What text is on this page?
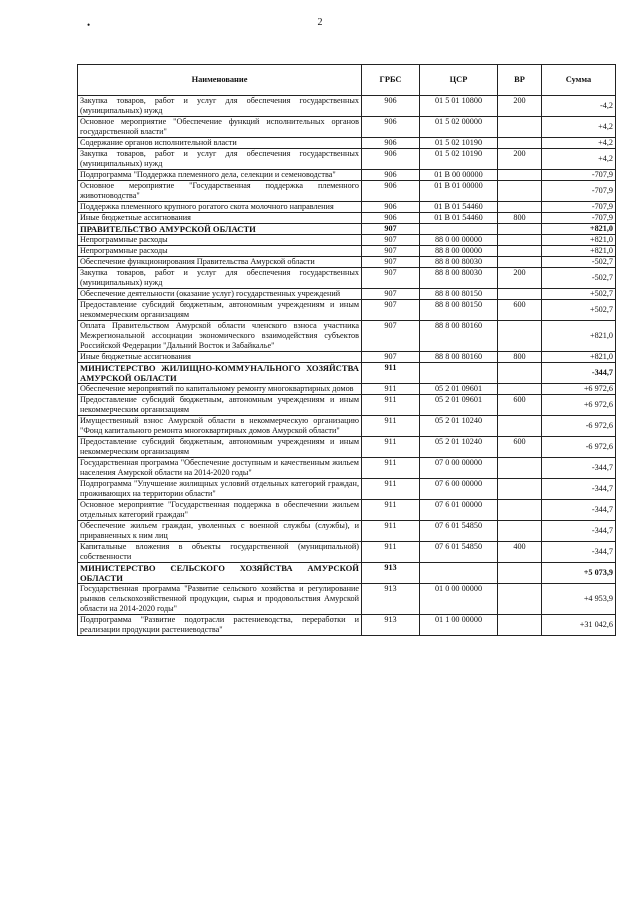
2
•
Наименование	ГРБС	ЦСР	ВР	Сумма
Закупка товаров, работ и услуг для обеспечения государственных (муниципальных) нужд	906	01 5 01 10800	200	-4,2
Основное мероприятие "Обеспечение функций исполнительных органов государственной власти"	906	01 5 02 00000		+4,2
Содержание органов исполнительной власти	906	01 5 02 10190		+4,2
Закупка товаров, работ и услуг для обеспечения государственных (муниципальных) нужд	906	01 5 02 10190	200	+4,2
Подпрограмма "Поддержка племенного дела, селекции и семеноводства"	906	01 В 00 00000		-707,9
Основное мероприятие "Государственная поддержка племенного животноводства"	906	01 В 01 00000		-707,9
Поддержка племенного крупного рогатого скота молочного направления	906	01 В 01 54460		-707,9
Иные бюджетные ассигнования	906	01 В 01 54460	800	-707,9
ПРАВИТЕЛЬСТВО АМУРСКОЙ ОБЛАСТИ	907			+821,0
Непрограммные расходы	907	88 0 00 00000		+821,0
Непрограммные расходы	907	88 8 00 00000		+821,0
Обеспечение функционирования Правительства Амурской области	907	88 8 00 80030		-502,7
Закупка товаров, работ и услуг для обеспечения государственных (муниципальных) нужд	907	88 8 00 80030	200	-502,7
Обеспечение деятельности (оказание услуг) государственных учреждений	907	88 8 00 80150		+502,7
Предоставление субсидий бюджетным, автономным учреждениям и иным некоммерческим организациям	907	88 8 00 80150	600	+502,7
Оплата Правительством Амурской области членского взноса участника Межрегиональной ассоциации экономического взаимодействия субъектов Российской Федерации "Дальний Восток и Забайкалье"	907	88 8 00 80160		+821,0
Иные бюджетные ассигнования	907	88 8 00 80160	800	+821,0
МИНИСТЕРСТВО ЖИЛИЩНО-КОММУНАЛЬНОГО ХОЗЯЙСТВА АМУРСКОЙ ОБЛАСТИ	911			-344,7
Обеспечение мероприятий по капитальному ремонту многоквартирных домов	911	05 2 01 09601		+6 972,6
Предоставление субсидий бюджетным, автономным учреждениям и иным некоммерческим организациям	911	05 2 01 09601	600	+6 972,6
Имущественный взнос Амурской области в некоммерческую организацию "Фонд капитального ремонта многоквартирных домов Амурской области"	911	05 2 01 10240		-6 972,6
Предоставление субсидий бюджетным, автономным учреждениям и иным некоммерческим организациям	911	05 2 01 10240	600	-6 972,6
Государственная программа "Обеспечение доступным и качественным жильем населения Амурской области на 2014-2020 годы"	911	07 0 00 00000		-344,7
Подпрограмма "Улучшение жилищных условий отдельных категорий граждан, проживающих на территории области"	911	07 6 00 00000		-344,7
Основное мероприятие "Государственная поддержка в обеспечении жильем отдельных категорий граждан"	911	07 6 01 00000		-344,7
Обеспечение жильем граждан, уволенных с военной службы (службы), и приравненных к ним лиц	911	07 6 01 54850		-344,7
Капитальные вложения в объекты государственной (муниципальной) собственности	911	07 6 01 54850	400	-344,7
МИНИСТЕРСТВО СЕЛЬСКОГО ХОЗЯЙСТВА АМУРСКОЙ ОБЛАСТИ	913			+5 073,9
Государственная программа "Развитие сельского хозяйства и регулирование рынков сельскохозяйственной продукции, сырья и продовольствия Амурской области на 2014-2020 годы"	913	01 0 00 00000		+4 953,9
Подпрограмма "Развитие подотрасли растениеводства, переработки и реализации продукции растениеводства"	913	01 1 00 00000		+31 042,6
